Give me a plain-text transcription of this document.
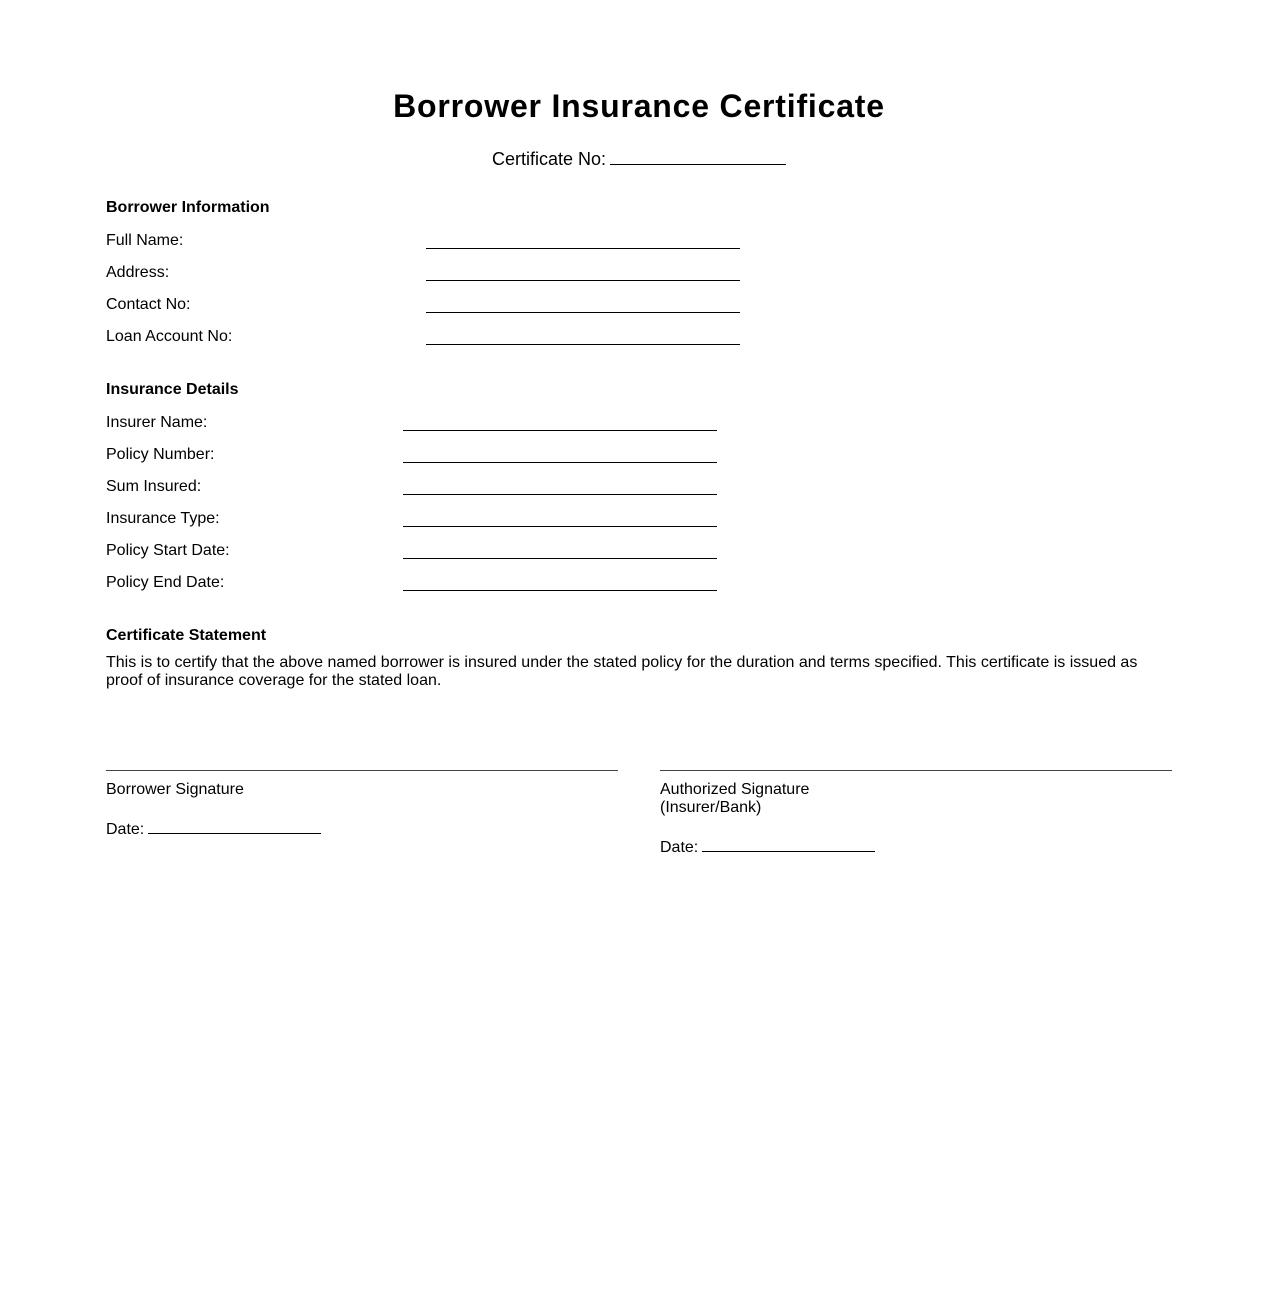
Borrower Insurance Certificate
Certificate No:
Borrower Information
Full Name:
Address:
Contact No:
Loan Account No:
Insurance Details
Insurer Name:
Policy Number:
Sum Insured:
Insurance Type:
Policy Start Date:
Policy End Date:
Certificate Statement

This is to certify that the above named borrower is insured under the stated policy for the duration and terms specified. This certificate is issued as proof of insurance coverage for the stated loan.

Borrower Signature
Date:
Authorized Signature
(Insurer/Bank)
Date:
